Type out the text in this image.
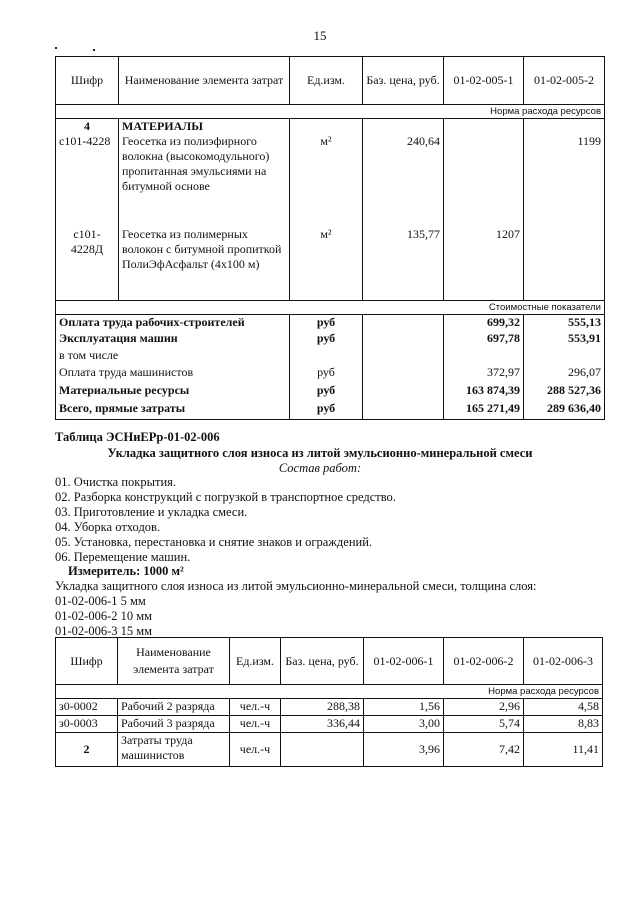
15
Шифр	Наименование элемента затрат	Ед.изм.	Баз. цена, руб.	01-02-005-1	01-02-005-2
Норма расхода ресурсов					
4	МАТЕРИАЛЫ				
с101-4228	Геосетка из полиэфирного волокна (высокомодульного) пропитанная эмульсиями на битумной основе	м²	240,64		1199
с101-4228Д	Геосетка из полимерных волокон с битумной пропиткой ПолиЭфАсфальт (4х100 м)	м²	135,77	1207	
Стоимостные показатели					
Оплата труда рабочих-строителей		руб		699,32	555,13
Эксплуатация машин		руб		697,78	553,91
в том числе					
Оплата труда машинистов		руб		372,97	296,07
Материальные ресурсы		руб		163 874,39	288 527,36
Всего, прямые затраты		руб		165 271,49	289 636,40
Таблица ЭСНиЕРр-01-02-006
Укладка защитного слоя износа из литой эмульсионно-минеральной смеси
Состав работ:
01. Очистка покрытия.
02. Разборка конструкций с погрузкой в транспортное средство.
03. Приготовление и укладка смеси.
04. Уборка отходов.
05. Установка, перестановка и снятие знаков и ограждений.
06. Перемещение машин.
Измеритель: 1000 м²
Укладка защитного слоя износа из литой эмульсионно-минеральной смеси, толщина слоя:
01-02-006-1 5 мм
01-02-006-2 10 мм
01-02-006-3 15 мм
Шифр	Наименование элемента затрат	Ед.изм.	Баз. цена, руб.	01-02-006-1	01-02-006-2	01-02-006-3
Норма расхода ресурсов						
з0-0002	Рабочий 2 разряда	чел.-ч	288,38	1,56	2,96	4,58
з0-0003	Рабочий 3 разряда	чел.-ч	336,44	3,00	5,74	8,83
2	Затраты труда машинистов	чел.-ч		3,96	7,42	11,41
